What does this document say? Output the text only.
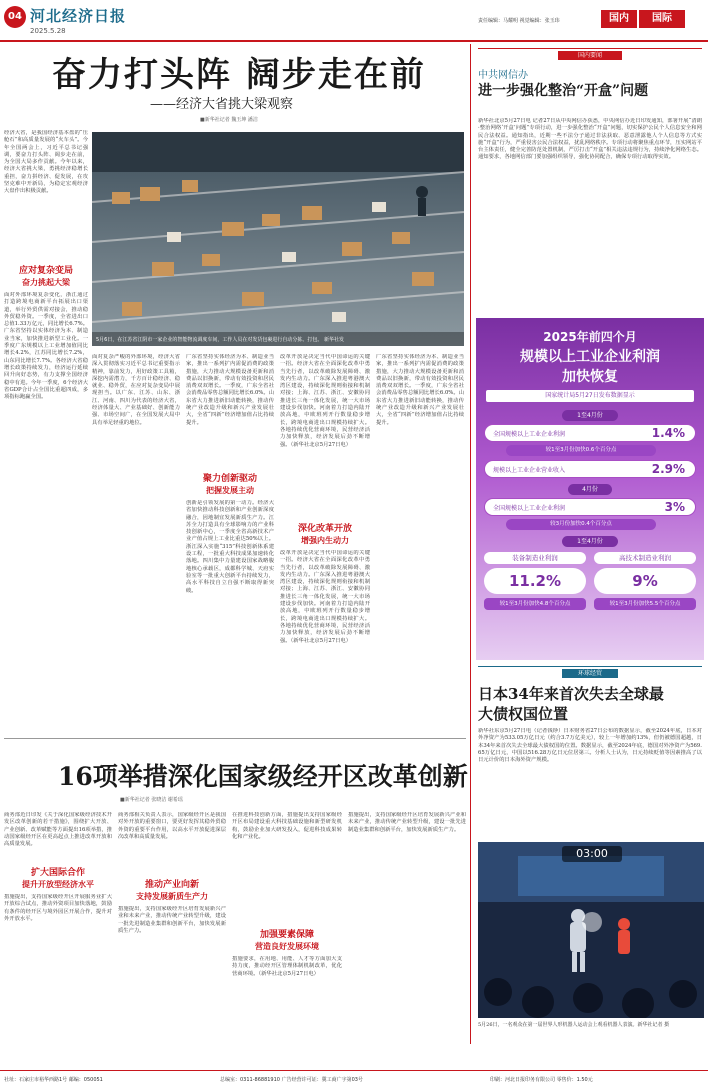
04 河北经济日报
2025.5.28
责任编辑：马耀明 视觉编辑：张玉玮	国内	国际
奋力打头阵 阔步走在前
——经济大省挑大梁观察
■新华社记者 魏玉坤 潘洁
经济大省，是我国经济基本盘的“压舱石”和高质量发展的“火车头”。今年全国两会上，习近平总书记强调，要奋力打头阵、阔步走在前，为全国大局多作贡献。今年以来，经济大省挑大梁，勇挑经济稳增长重担，奋力拼经济、促发展，在攻坚克难中开新局，为稳定宏观经济大盘作出积极贡献。
应对复杂变局
奋力挑起大梁
面对外部环境复杂变化，浙江通过打造跨境电商新平台拓展出口渠道，举行外贸供需对接会，推动稳外贸稳外资。一季度，全省进出口总值1.33万亿元，同比增长6.7%。广东省坚持以实体经济为本、制造业当家，加快推进新型工业化。一季度广东规模以上工业增加值同比增长4.2%，江苏同比增长7.2%，山东同比增长7.7%。各经济大省稳增长政策持续发力，经济运行延续回升向好态势，有力支撑全国经济稳中有进。今年一季度，6个经济大省GDP合计占全国比重超四成，多项指标跑赢全国。
5月6日，在江苏省江阴市一家企业的智能物流调度车间，工作人员在对发货包裹进行自动分拣、打包。 新华社发
面对复杂严峻的外部环境，经济大省深入贯彻落实习近平总书记重要指示精神，靠前发力，用好政策工具箱，深挖内需潜力，千方百计稳经济、稳就业、稳外贸，在应对复杂变局中展现担当。以广东、江苏、山东、浙江、河南、四川为代表的经济大省，经济体量大、产业基础好、创新能力强、市场空间广，在全国发展大局中具有举足轻重的地位。
广东省坚持实体经济为本、制造业当家，推出一系列扩内需促消费的政策措施，大力推动大规模设备更新和消费品以旧换新，带动有效投资和居民消费双双增长。一季度，广东全省社会消费品零售总额同比增长6.0%。山东省大力推进新旧动能转换，推动传统产业改造升级和新兴产业发展壮大，全省“四新”经济增加值占比持续提升。
聚力创新驱动
把握发展主动
创新是引领发展的第一动力。经济大省加快推动科技创新和产业创新深度融合，因地制宜发展新质生产力。江苏全力打造具有全球影响力的产业科技创新中心，一季度全省高新技术产业产值占规上工业比重达50%以上。浙江深入实施“315”科技创新体系建设工程，一批重大科技成果加速转化落地。四川集中力量建设国家战略腹地核心承载区，成都科学城、天府实验室等一批重大创新平台持续发力，高水平科技自立自强不断取得新突破。
深化改革开放
增强内生动力
改革开放是决定当代中国命运的关键一招。经济大省在全面深化改革中勇当先行者，以改革破除发展障碍、激发内生动力。广东深入推进粤港澳大湾区建设，持续深化规则衔接和机制对接；上海、江苏、浙江、安徽协同推进长三角一体化发展，统一大市场建设步伐加快。河南着力打造内陆开放高地，中欧班列开行数量稳步增长，跨境电商进出口规模持续扩大。各地持续优化营商环境，民营经济活力加快释放，经济发展后劲不断增强。（新华社北京5月27日电）
改革开放是决定当代中国命运的关键一招。经济大省在全面深化改革中勇当先行者，以改革破除发展障碍、激发内生动力。广东深入推进粤港澳大湾区建设，持续深化规则衔接和机制对接；上海、江苏、浙江、安徽协同推进长三角一体化发展，统一大市场建设步伐加快。河南着力打造内陆开放高地，中欧班列开行数量稳步增长，跨境电商进出口规模持续扩大。各地持续优化营商环境，民营经济活力加快释放，经济发展后劲不断增强。（新华社北京5月27日电）
广东省坚持实体经济为本、制造业当家，推出一系列扩内需促消费的政策措施，大力推动大规模设备更新和消费品以旧换新，带动有效投资和居民消费双双增长。一季度，广东全省社会消费品零售总额同比增长6.0%。山东省大力推进新旧动能转换，推动传统产业改造升级和新兴产业发展壮大，全省“四新”经济增加值占比持续提升。
国内要闻
中共网信办
进一步强化整治“开盒”问题
新华社北京5月27日电 记者27日从中央网信办获悉，中央网信办近日印发通知，部署开展“清朗·整治网络‘开盒’问题”专项行动，进一步强化整治“开盒”问题，切实保护公民个人信息安全和网民合法权益。通知指出，近期一些不法分子通过非法获取、恶意泄露他人个人信息等方式实施“开盒”行为，严重侵害公民合法权益，扰乱网络秩序。专项行动将聚焦重点环节，压实网站平台主体责任，健全完善防范处置机制，严厉打击“开盒”相关违法违规行为，持续净化网络生态。通知要求，各地网信部门要加强组织领导，强化协同配合，确保专项行动取得实效。
2025年前四个月
规模以上工业企业利润
加快恢复
国家统计局5月27日发布数据显示
1至4月份
全国规模以上工业企业利润	1.4%
较1至3月份加快0.6个百分点
规模以上工业企业营业收入	2.9%
4月份
全国规模以上工业企业利润	3%
较3月份加快0.4个百分点
1至4月份
装备制造业利润
11.2%
较1至3月份加快4.8个百分点
高技术制造业利润
9%
较1至3月份加快5.5个百分点
环球经贸
日本34年来首次失去全球最大债权国位置
新华社东京5月27日电（记者钱铮）日本财务省27日公布的数据显示，截至2024年底，日本对外净资产为533.05万亿日元（约合3.7万亿美元），较上一年增加约13%，但仍被德国超越，日本34年来首次失去全球最大债权国的位置。数据显示，截至2024年底，德国对外净资产为569.65万亿日元，中国以516.28万亿日元位居第三。分析人士认为，日元持续贬值等因素推高了以日元计价的日本海外资产规模。
03:00
5月26日，一名观众在第一届世界人形机器人运动会上观看机器人表演。新华社记者 摄
16项举措深化国家级经开区改革创新
■新华社记者 张晓洁 谢希瑶
商务部近日印发《关于深化国家级经济技术开发区改革创新的若干措施》，围绕扩大开放、产业创新、改革赋能等方面提出16项举措，推动国家级经开区在更高起点上推进改革开放和高质量发展。
扩大国际合作
提升开放型经济水平
措施提出，支持国家级经开区开展服务业扩大开放综合试点，推动外资项目加快落地，鼓励有条件的经开区与境外园区开展合作，提升对外开放水平。
商务部相关负责人表示，国家级经开区是我国对外开放的重要窗口，要更好发挥其稳外贸稳外资的重要平台作用，以高水平开放促进深层次改革和高质量发展。
推动产业向新
支持发展新质生产力
措施提出，支持国家级经开区培育发展新兴产业和未来产业，推动传统产业转型升级，建设一批先进制造业集群和创新平台，加快发展新质生产力。
在推进科技创新方面，措施提出支持国家级经开区布局建设重大科技基础设施和新型研发机构，鼓励企业加大研发投入，促进科技成果转化和产业化。
加强要素保障
营造良好发展环境
措施要求，在用地、用能、人才等方面加大支持力度，推动经开区管理体制机制改革，优化营商环境。（新华社北京5月27日电）
措施提出，支持国家级经开区培育发展新兴产业和未来产业，推动传统产业转型升级，建设一批先进制造业集群和创新平台，加快发展新质生产力。
社址：石家庄市裕华西路1号 邮编：050051	总编室：0311-86881910 广告经营许可证：冀工商广字第03号	印刷：河北日报印务有限公司 零售价：1.50元
